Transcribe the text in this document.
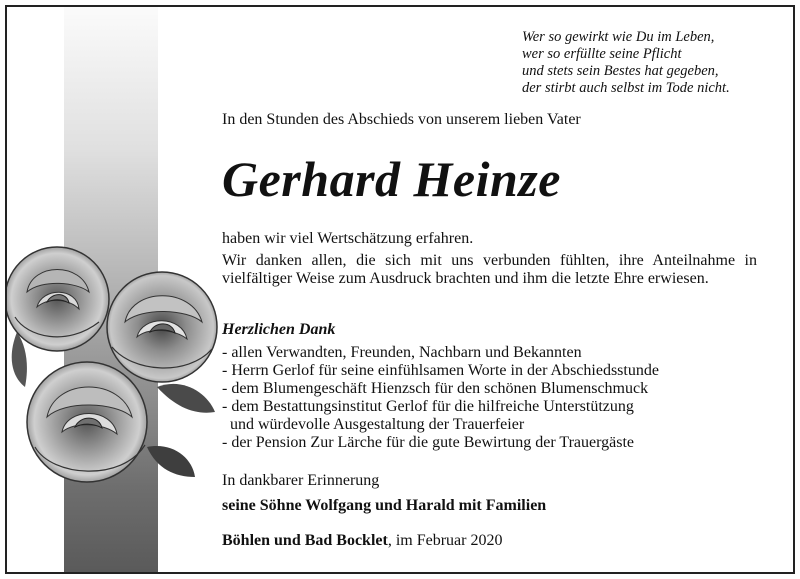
Wer so gewirkt wie Du im Leben,
wer so erfüllte seine Pflicht
und stets sein Bestes hat gegeben,
der stirbt auch selbst im Tode nicht.
In den Stunden des Abschieds von unserem lieben Vater
Gerhard Heinze
haben wir viel Wertschätzung erfahren.
Wir danken allen, die sich mit uns verbunden fühlten, ihre Anteilnahme in vielfältiger Weise zum Ausdruck brachten und ihm die letzte Ehre erwiesen.
Herzlichen Dank
- allen Verwandten, Freunden, Nachbarn und Bekannten
- Herrn Gerlof für seine einfühlsamen Worte in der Abschiedsstunde
- dem Blumengeschäft Hienzsch für den schönen Blumenschmuck
- dem Bestattungsinstitut Gerlof für die hilfreiche Unterstützung
und würdevolle Ausgestaltung der Trauerfeier
- der Pension Zur Lärche für die gute Bewirtung der Trauergäste
In dankbarer Erinnerung
seine Söhne Wolfgang und Harald mit Familien
Böhlen und Bad Bocklet, im Februar 2020
